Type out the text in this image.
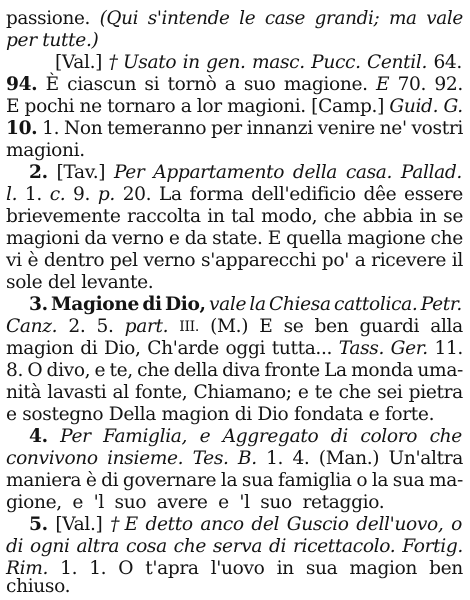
passione. (Qui s'intende le case grandi; ma vale
per tutte.)
[Val.] † Usato in gen. masc. Pucc. Centil. 64.
94. È ciascun si tornò a suo magione. E 70. 92.
E pochi ne tornaro a lor magioni. [Camp.] Guid. G.
10. 1. Non temeranno per innanzi venire ne' vostri
magioni.
2. [Tav.] Per Appartamento della casa. Pallad.
l. 1. c. 9. p. 20. La forma dell'edificio dêe essere
brievemente raccolta in tal modo, che abbia in se
magioni da verno e da state. E quella magione che
vi è dentro pel verno s'apparecchi po' a ricevere il
sole del levante.
3. Magione di Dio, vale la Chiesa cattolica. Petr.
Canz. 2. 5. part. III. (M.) E se ben guardi alla
magion di Dio, Ch'arde oggi tutta... Tass. Ger. 11.
8. O divo, e te, che della diva fronte La monda uma-
nità lavasti al fonte, Chiamano; e te che sei pietra
e sostegno Della magion di Dio fondata e forte.
4. Per Famiglia, e Aggregato di coloro che
convivono insieme. Tes. B. 1. 4. (Man.) Un'altra
maniera è di governare la sua famiglia o la sua ma-
gione, e 'l suo avere e 'l suo retaggio.
5. [Val.] † E detto anco del Guscio dell'uovo, o
di ogni altra cosa che serva di ricettacolo. Fortig.
Rim. 1. 1. O t'apra l'uovo in sua magion ben
chiuso.
